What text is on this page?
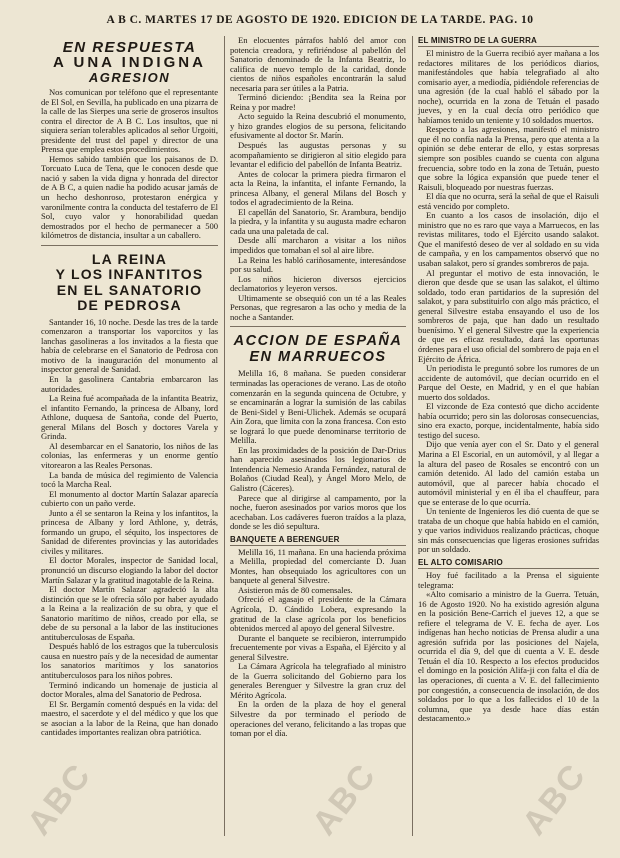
A B C. MARTES 17 DE AGOSTO DE 1920. EDICION DE LA TARDE. PAG. 10
EN RESPUESTA
A UNA INDIGNA
AGRESION

Nos comunican por teléfono que el representante de El Sol, en Sevilla, ha publicado en una pizarra de la calle de las Sierpes una serie de groseros insultos contra el director de A B C. Los insultos, que ni siquiera serían tolerables aplicados al señor Urgoiti, presidente del trust del papel y director de una Prensa que emplea estos procedimientos.

Hemos sabido también que los paisanos de D. Torcuato Luca de Tena, que le conocen desde que nació y saben la vida digna y honrada del director de A B C, a quien nadie ha podido acusar jamás de un hecho deshonroso, protestaron enérgica y varonilmente contra la conducta del testaferro de El Sol, cuyo valor y honorabilidad quedan demostrados por el hecho de permanecer a 500 kilómetros de distancia, insultar a un caballero.

LA REINA
Y LOS INFANTITOS
EN EL SANATORIO
DE PEDROSA

Santander 16, 10 noche. Desde las tres de la tarde comenzaron a transportar los vaporcitos y las lanchas gasolineras a los invitados a la fiesta que había de celebrarse en el Sanatorio de Pedrosa con motivo de la inauguración del monumento al inspector general de Sanidad.

En la gasolinera Cantabria embarcaron las autoridades.

La Reina fué acompañada de la infantita Beatriz, el infantito Fernando, la princesa de Albany, lord Athlone, duquesa de Santoña, conde del Puerto, general Milans del Bosch y doctores Varela y Grinda.

Al desembarcar en el Sanatorio, los niños de las colonias, las enfermeras y un enorme gentío vitorearon a las Reales Personas.

La banda de música del regimiento de Valencia tocó la Marcha Real.

El monumento al doctor Martín Salazar aparecía cubierto con un paño verde.

Junto a él se sentaron la Reina y los infantitos, la princesa de Albany y lord Athlone, y, detrás, formando un grupo, el séquito, los inspectores de Sanidad de diferentes provincias y las autoridades civiles y militares.

El doctor Morales, inspector de Sanidad local, pronunció un discurso elogiando la labor del doctor Martín Salazar y la gratitud inagotable de la Reina.

El doctor Martín Salazar agradeció la alta distinción que se le ofrecía sólo por haber ayudado a la Reina a la realización de su obra, y que el Sanatorio marítimo de niños, creado por ella, se debe de su personal a la labor de las instituciones antituberculosas de España.

Después habló de los estragos que la tuberculosis causa en nuestro país y de la necesidad de aumentar los sanatorios marítimos y los sanatorios antituberculosos para los niños pobres.

Terminó indicando un homenaje de justicia al doctor Morales, alma del Sanatorio de Pedrosa.

El Sr. Bergamín comentó después en la vida: del maestro, el sacerdote y el del médico y que los que se asocian a la labor de la Reina, que han donado cantidades importantes realizan obra patriótica.

En elocuentes párrafos habló del amor con potencia creadora, y refiriéndose al pabellón del Sanatorio denominado de la Infanta Beatriz, lo califica de nuevo templo de la caridad, donde cientos de niños españoles encontrarán la salud necesaria para ser útiles a la Patria.

Terminó diciendo: ¡Bendita sea la Reina por Reina y por madre!

Acto seguido la Reina descubrió el monumento, y hizo grandes elogios de su persona, felicitando efusivamente al doctor Sr. Marín.

Después las augustas personas y su acompañamiento se dirigieron al sitio elegido para levantar el edificio del pabellón de Infanta Beatriz.

Antes de colocar la primera piedra firmaron el acta la Reina, la infantita, el infante Fernando, la princesa Albany, el general Milans del Bosch y todos el agradecimiento de la Reina.

El capellán del Sanatorio, Sr. Arambura, bendijo la piedra, y la infantita y su augusta madre echaron cada una una paletada de cal.

Desde allí marcharon a visitar a los niños impedidos que tomaban el sol al aire libre.

La Reina les habló cariñosamente, interesándose por su salud.

Los niños hicieron diversos ejercicios declamatorios y leyeron versos.

Ultimamente se obsequió con un té a las Reales Personas, que regresaron a las ocho y media de la noche a Santander.

ACCION DE ESPAÑA
EN MARRUECOS

Melilla 16, 8 mañana. Se pueden considerar terminadas las operaciones de verano. Las de otoño comenzarán en la segunda quincena de Octubre, y se encaminarán a lograr la sumisión de las cabilas de Beni-Sidel y Beni-Ulichek. Además se ocupará Ain Zora, que limita con la zona francesa. Con esto se logrará lo que puede denominarse territorio de Melilla.

En las proximidades de la posición de Dar-Drius han aparecido asesinados los legionarios de Intendencia Nemesio Aranda Fernández, natural de Bolaños (Ciudad Real), y Ángel Moro Melo, de Galistro (Cáceres).

Parece que al dirigirse al campamento, por la noche, fueron asesinados por varios moros que los acechaban. Los cadáveres fueron traídos a la plaza, donde se les dió sepultura.

BANQUETE A BERENGUER

Melilla 16, 11 mañana. En una hacienda próxima a Melilla, propiedad del comerciante D. Juan Montes, han obsequiado los agricultores con un banquete al general Silvestre.

Asistieron más de 80 comensales.

Ofreció el agasajo el presidente de la Cámara Agrícola, D. Cándido Lobera, expresando la gratitud de la clase agrícola por los beneficios obtenidos merced al apoyo del general Silvestre.

Durante el banquete se recibieron, interrumpido frecuentemente por vivas a España, el Ejército y al general Silvestre.

La Cámara Agrícola ha telegrafiado al ministro de la Guerra solicitando del Gobierno para los generales Berenguer y Silvestre la gran cruz del Mérito Agrícola.

En la orden de la plaza de hoy el general Silvestre da por terminado el período de operaciones del verano, felicitando a las tropas que toman por el día.

EL MINISTRO DE LA GUERRA

El ministro de la Guerra recibió ayer mañana a los redactores militares de los periódicos diarios, manifestándoles que había telegrafiado al alto comisario ayer, a mediodía, pidiéndole referencias de una agresión (de la cual habló el sábado por la noche), ocurrida en la zona de Tetuán el pasado jueves, y en la cual decía otro periódico que habíamos tenido un teniente y 10 soldados muertos.

Respecto a las agresiones, manifestó el ministro que él no confía nada la Prensa, pero que atenta a la opinión se debe enterar de ello, y estas sorpresas siempre son posibles cuando se cuenta con alguna frecuencia, sobre todo en la zona de Tetuán, puesto que sobre la lógica expansión que puede tener el Raisuli, bloqueado por nuestras fuerzas.

El día que no ocurra, será la señal de que el Raisuli está vencido por completo.

En cuanto a los casos de insolación, dijo el ministro que no es raro que vaya a Marruecos, en las revistas militares, todo el Ejército usando salakot. Que el manifestó deseo de ver al soldado en su vida de campaña, y en los campamentos observó que no usaban salakot, pero sí grandes sombreros de paja.

Al preguntar el motivo de esta innovación, le dieron que desde que se usan las salakot, el último soldado, todo eran partidarios de la supresión del salakot, y para substituirlo con algo más práctico, el general Silvestre estaba ensayando el uso de los sombreros de paja, que han dado un resultado buenísimo. Y el general Silvestre que la experiencia de que es eficaz resultado, dará las oportunas órdenes para el uso oficial del sombrero de paja en el Ejército de África.

Un periodista le preguntó sobre los rumores de un accidente de automóvil, que decían ocurrido en el Parque del Oeste, en Madrid, y en el que habían muerto dos soldados.

El vizconde de Eza contestó que dicho accidente había ocurrido; pero sin las dolorosas consecuencias, sino era exacto, porque, incidentalmente, había sido testigo del suceso.

Dijo que venía ayer con el Sr. Dato y el general Marina a El Escorial, en un automóvil, y al llegar a la altura del paseo de Rosales se encontró con un camión detenido. Al lado del camión estaba un automóvil, que al parecer había chocado el automóvil ministerial y en él iba el chauffeur, para que se enterase de lo que ocurría.

Un teniente de Ingenieros les dió cuenta de que se trataba de un choque que había habido en el camión, y que varios individuos realizando prácticas, choque sin más consecuencias que ligeras erosiones sufridas por un soldado.

EL ALTO COMISARIO

Hoy fué facilitado a la Prensa el siguiente telegrama:

«Alto comisario a ministro de la Guerra. Tetuán, 16 de Agosto 1920. No ha existido agresión alguna en la posición Bene-Carrich el jueves 12, a que se refiere el telegrama de V. E. fecha de ayer. Los indígenas han hecho noticias de Prensa aludir a una agresión sufrida por las posiciones del Najela, ocurrida el día 9, del que di cuenta a V. E. desde Tetuán el día 10. Respecto a los efectos producidos el domingo en la posición Alifa-ji con falta el día de las operaciones, dí cuenta a V. E. del fallecimiento por congestión, a consecuencia de insolación, de dos soldados por lo que a los fallecidos el 10 de la columna, que ya desde hace días están destacamento.»

ABC	ABC	ABC
